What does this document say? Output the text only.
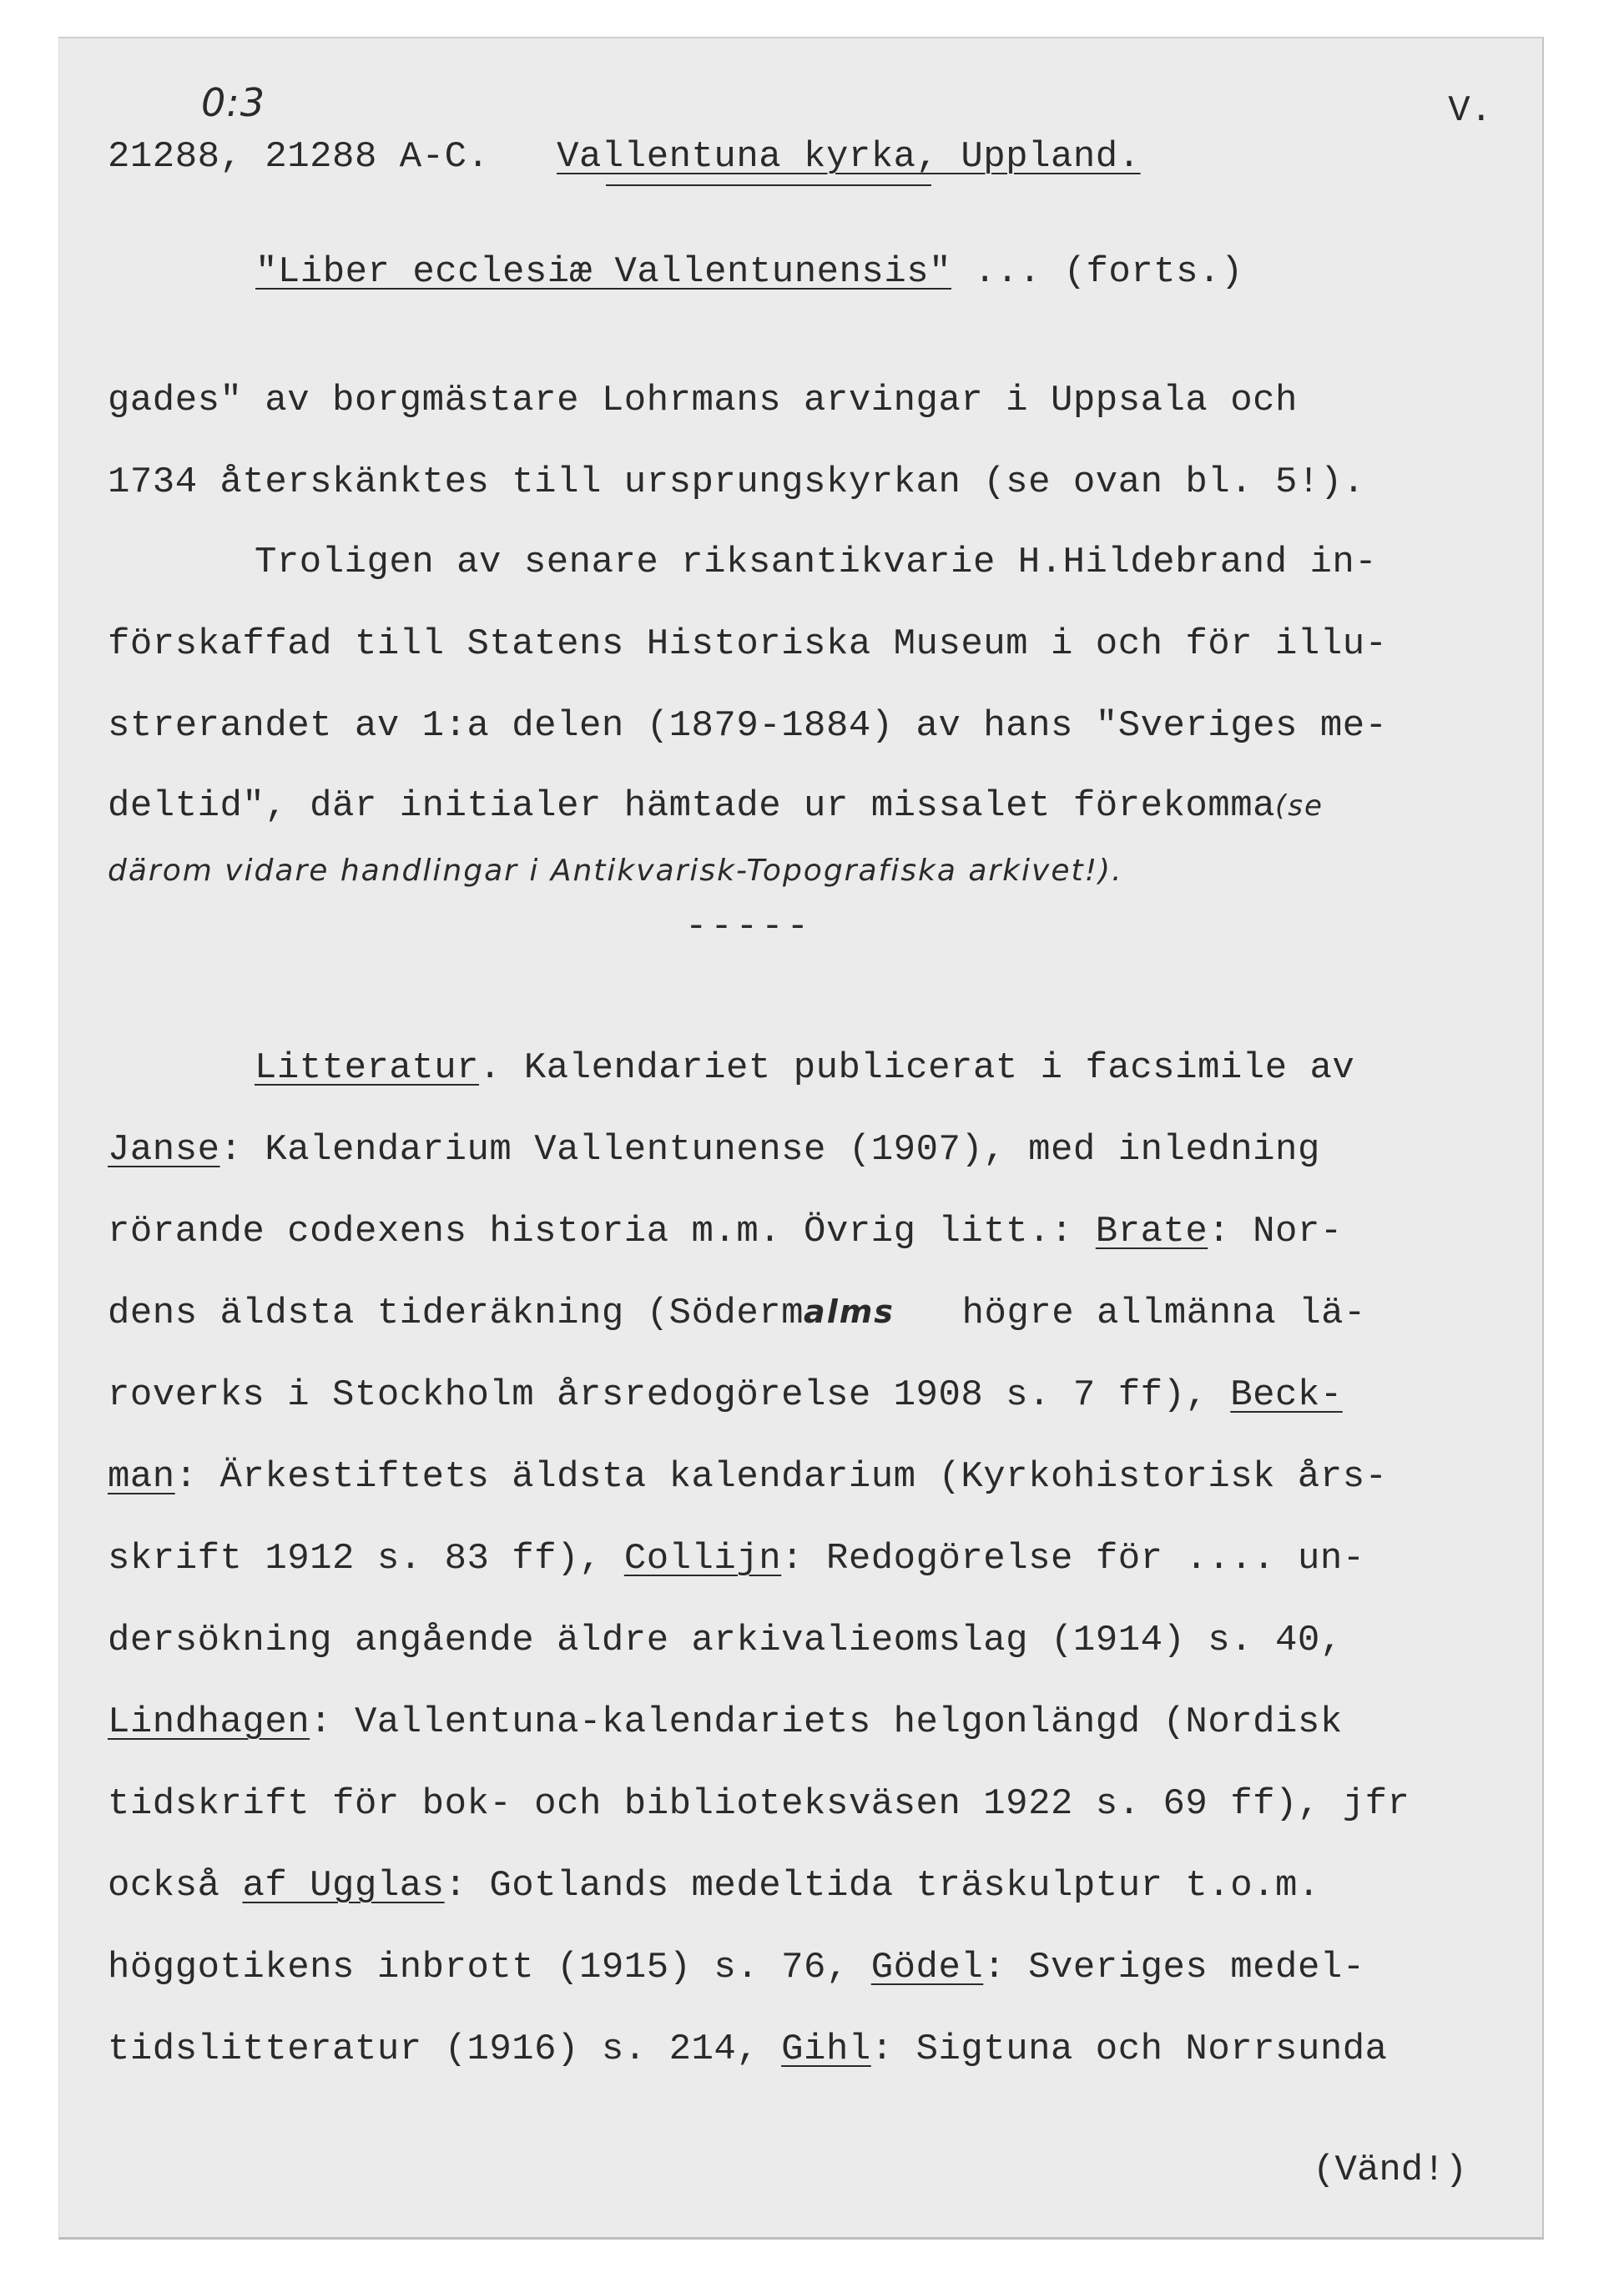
0:3	V.
21288, 21288 A-C. Vallentuna kyrka, Uppland.
"Liber ecclesiæ Vallentunensis" ... (forts.)
gades" av borgmästare Lohrmans arvingar i Uppsala och
1734 återskänktes till ursprungskyrkan (se ovan bl. 5!).
Troligen av senare riksantikvarie H.Hildebrand in-
förskaffad till Statens Historiska Museum i och för illu-
strerandet av 1:a delen (1879-1884) av hans "Sveriges me-
deltid", där initialer hämtade ur missalet förekomma(se
därom vidare handlingar i Antikvarisk-Topografiska arkivet!).
-----
Litteratur. Kalendariet publicerat i facsimile av
Janse: Kalendarium Vallentunense (1907), med inledning
rörande codexens historia m.m. Övrig litt.: Brate: Nor-
dens äldsta tideräkning (Södermalms   högre allmänna lä-
roverks i Stockholm årsredogörelse 1908 s. 7 ff), Beck-
man: Ärkestiftets äldsta kalendarium (Kyrkohistorisk års-
skrift 1912 s. 83 ff), Collijn: Redogörelse för .... un-
dersökning angående äldre arkivalieomslag (1914) s. 40,
Lindhagen: Vallentuna-kalendariets helgonlängd (Nordisk
tidskrift för bok- och biblioteksväsen 1922 s. 69 ff), jfr
också af Ugglas: Gotlands medeltida träskulptur t.o.m.
höggotikens inbrott (1915) s. 76, Gödel: Sveriges medel-
tidslitteratur (1916) s. 214, Gihl: Sigtuna och Norrsunda
(Vänd!)
